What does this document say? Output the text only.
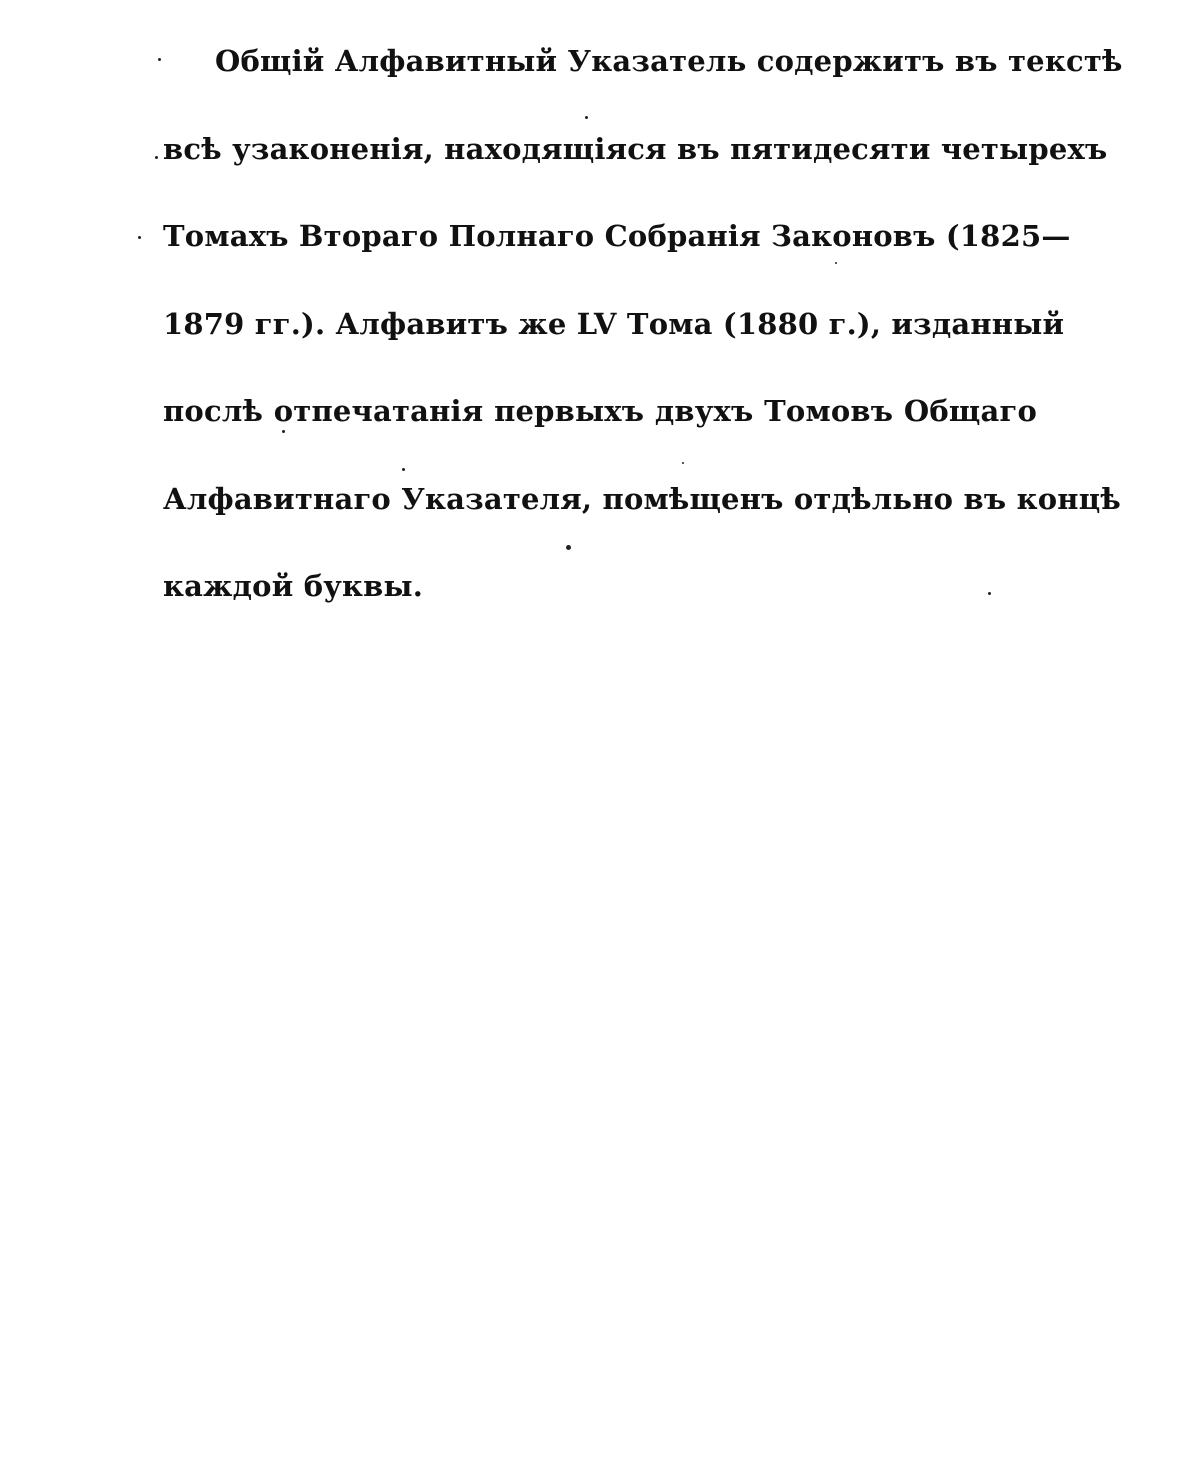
Общій Алфавитный Указатель содержитъ въ текстѣ
всѣ узаконенія, находящіяся въ пятидесяти четырехъ
Томахъ Втораго Полнаго Собранія Законовъ (1825—
1879 гг.). Алфавитъ же LV Тома (1880 г.), изданный
послѣ отпечатанія первыхъ двухъ Томовъ Общаго
Алфавитнаго Указателя, помѣщенъ отдѣльно въ концѣ
каждой буквы.
